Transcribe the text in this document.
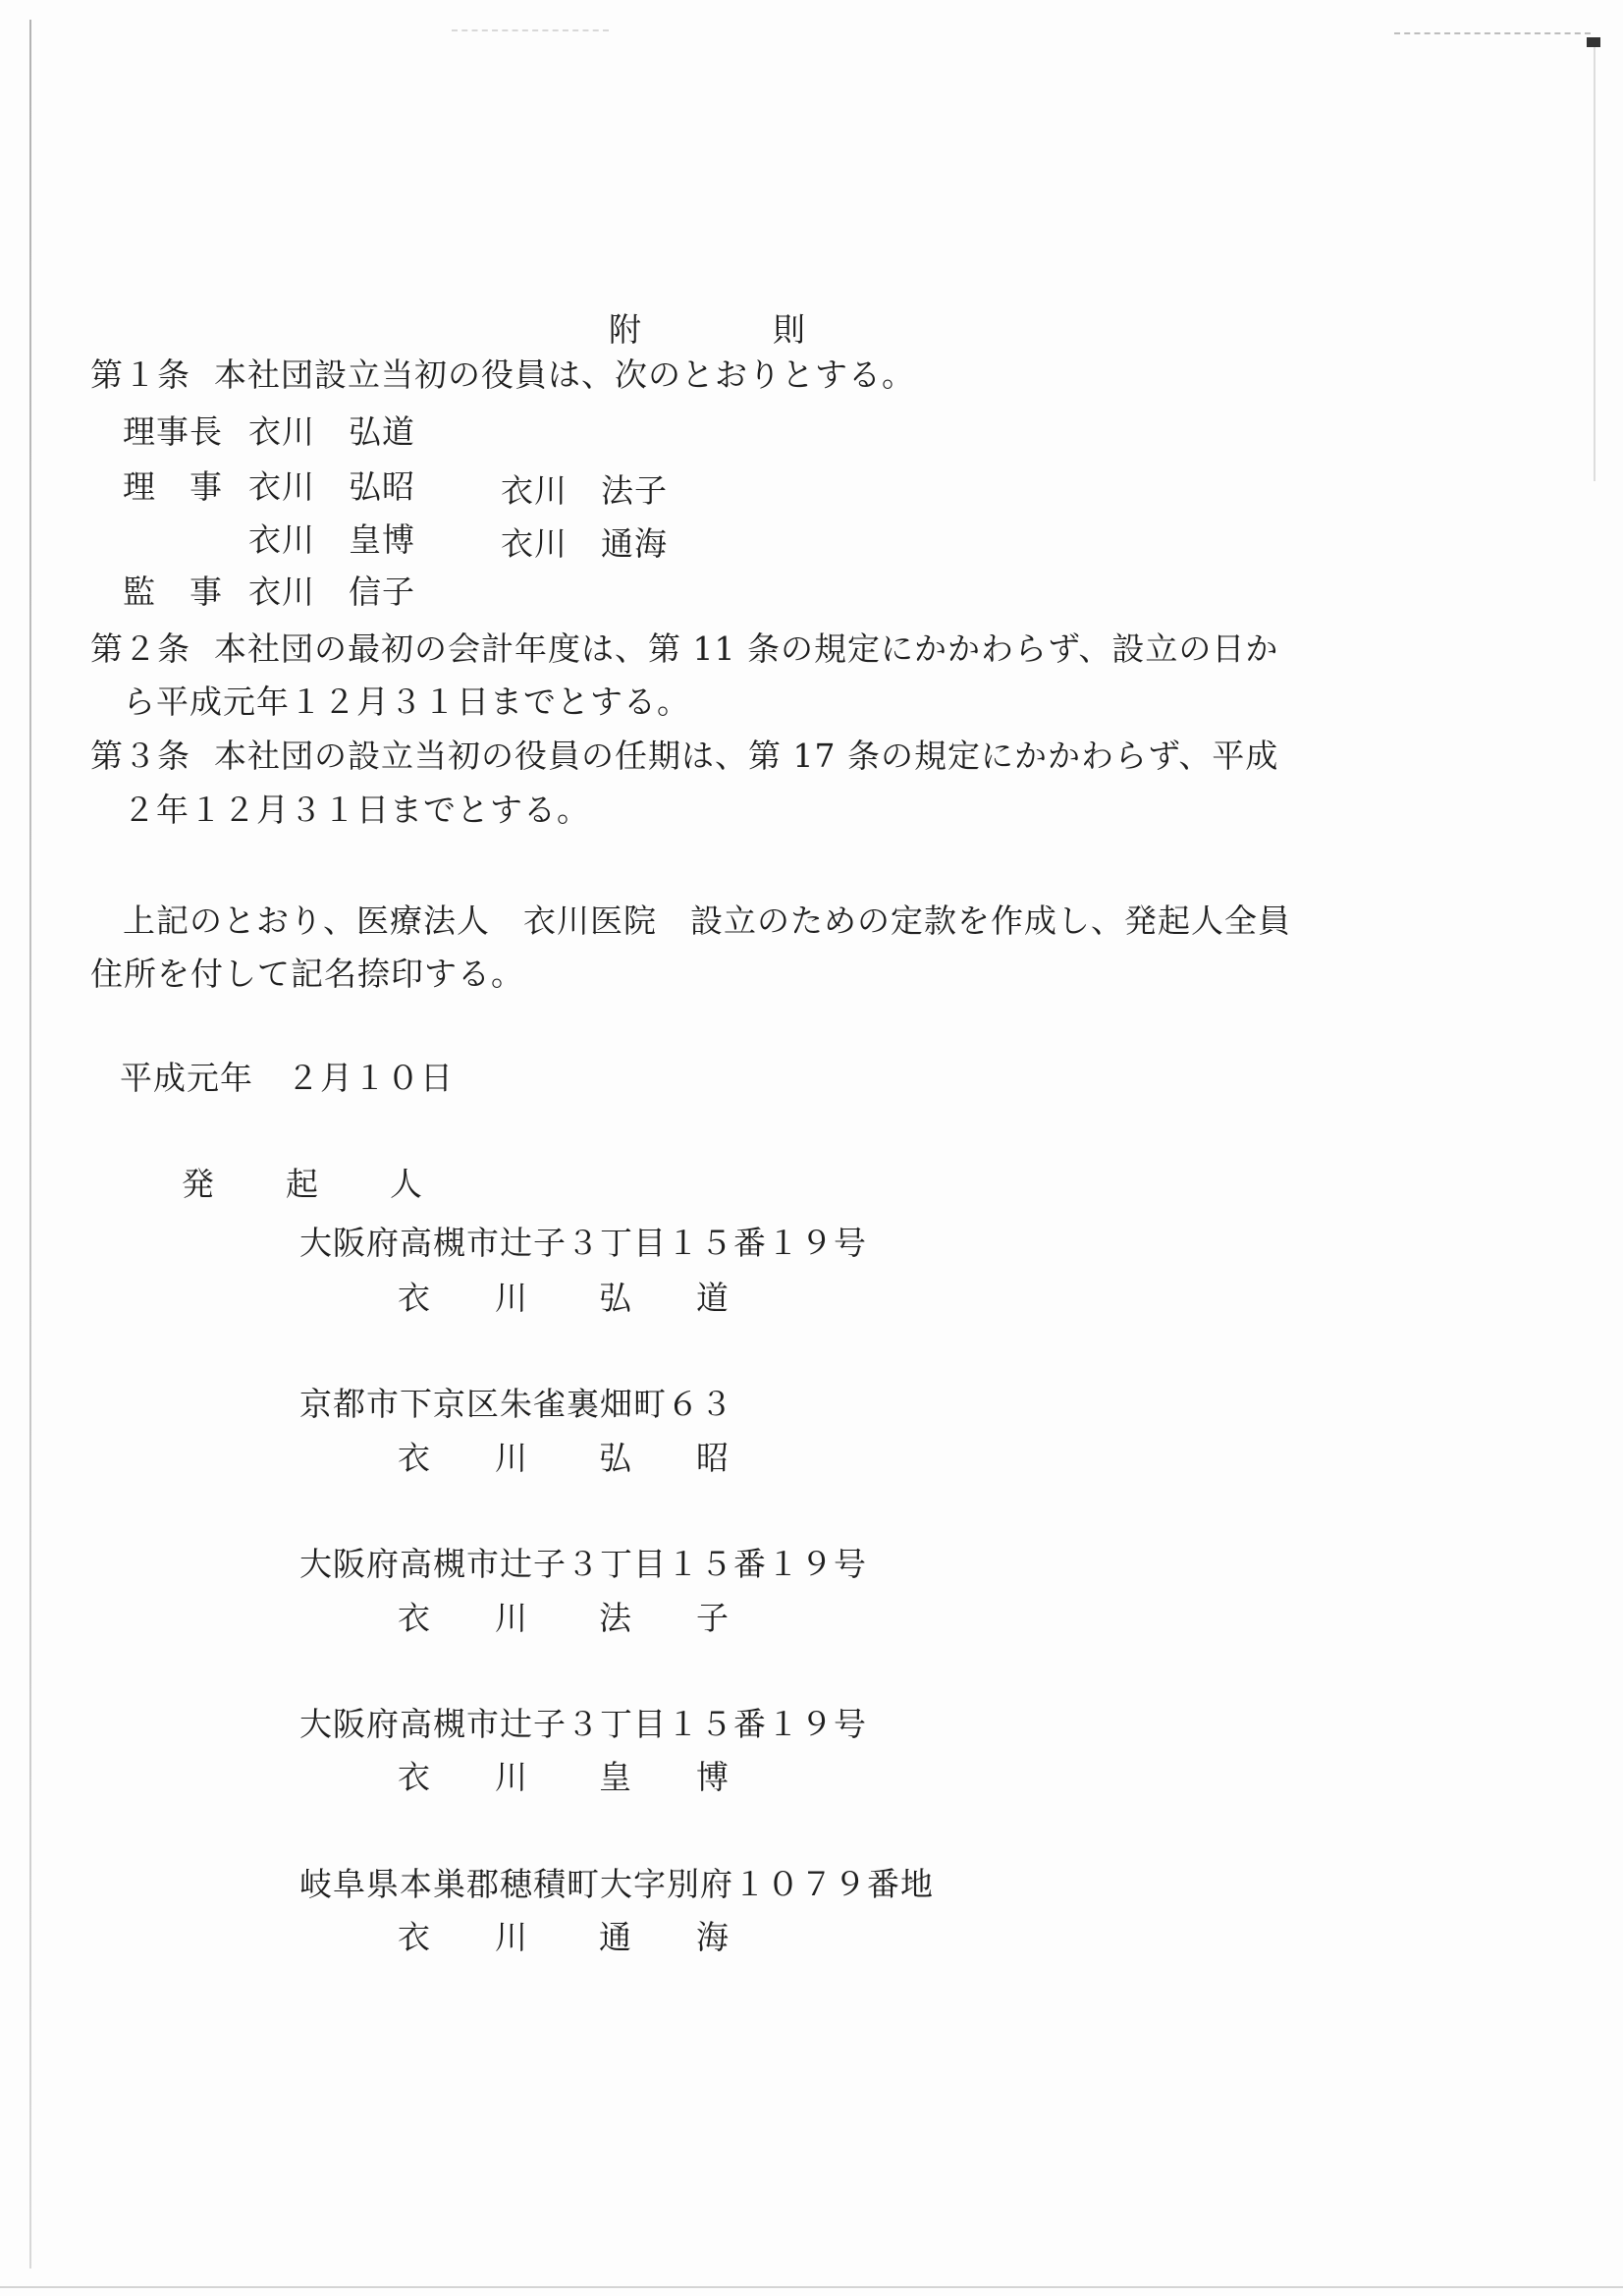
附	則
第１条 本社団設立当初の役員は、次のとおりとする。
理事長 衣川　弘道
理　事 衣川　弘昭	衣川　法子
衣川　皇博	衣川　通海
監　事 衣川　信子
第２条 本社団の最初の会計年度は、第 11 条の規定にかかわらず、設立の日か
ら平成元年１２月３１日までとする。
第３条 本社団の設立当初の役員の任期は、第 17 条の規定にかかわらず、平成
２年１２月３１日までとする。
上記のとおり、医療法人　衣川医院　設立のための定款を作成し、発起人全員
住所を付して記名捺印する。
平成元年　２月１０日
発　起　人
大阪府高槻市辻子３丁目１５番１９号
衣川 弘道
京都市下京区朱雀裏畑町６３
衣川 弘昭
大阪府高槻市辻子３丁目１５番１９号
衣川 法子
大阪府高槻市辻子３丁目１５番１９号
衣川 皇博
岐阜県本巣郡穂積町大字別府１０７９番地
衣川 通海
